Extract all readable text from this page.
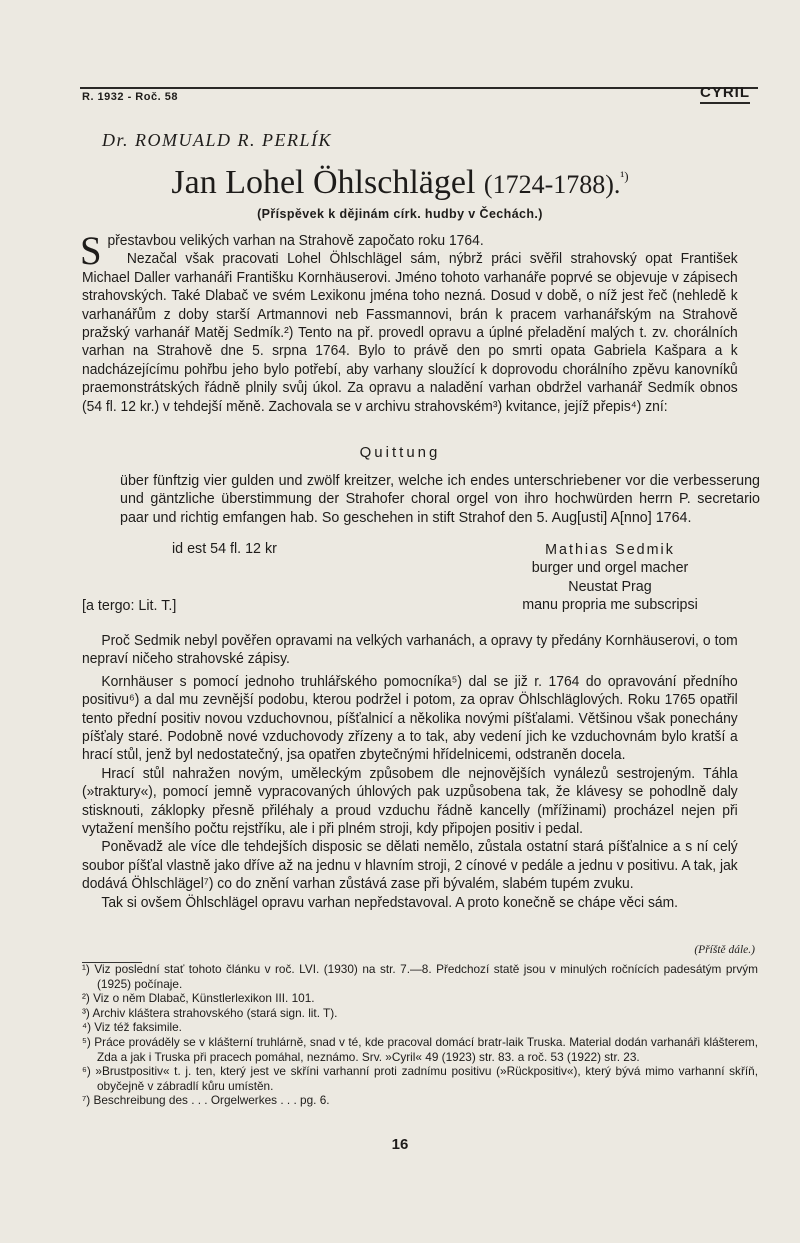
R. 1932 - Roč. 58	CYRIL
Dr. ROMUALD R. PERLÍK
Jan Lohel Öhlschlägel (1724-1788).$^{^1)}$
(Příspěvek k dějinám círk. hudby v Čechách.)

S přestavbou velikých varhan na Strahově započato roku 1764.

Nezačal však pracovati Lohel Öhlschlägel sám, nýbrž práci svěřil strahovský opat František Michael Daller varhanáři Františku Kornhäuserovi. Jméno tohoto varhanáře poprvé se objevuje v zápisech strahovských. Také Dlabač ve svém Lexikonu jména toho nezná. Dosud v době, o níž jest řeč (nehledě k varhanářům z doby starší Artmannovi neb Fassmannovi, brán k pracem varhanářským na Strahově pražský varhanář Matěj Sedmík.²) Tento na př. provedl opravu a úplné přeladění malých t. zv. chorálních varhan na Strahově dne 5. srpna 1764. Bylo to právě den po smrti opata Gabriela Kašpara a k nadcházejícímu pohřbu jeho bylo potřebí, aby varhany sloužící k doprovodu chorálního zpěvu kanovníků praemonstrátských řádně plnily svůj úkol. Za opravu a naladění varhan obdržel varhanář Sedmík obnos (54 fl. 12 kr.) v tehdejší měně. Zachovala se v archivu strahovském³) kvitance, jejíž přepis⁴) zní:

Quittung

über fünftzig vier gulden und zwölf kreitzer, welche ich endes unterschriebener vor die verbesserung und gäntzliche überstimmung der Strahofer choral orgel von ihro hochwürden herrn P. secretario paar und richtig emfangen hab. So geschehen in stift Strahof den 5. Aug[usti] A[nno] 1764.

id est 54 fl. 12 kr	Mathias Sedmik
burger und orgel macher
Neustat Prag
manu propria me subscripsi
[a tergo: Lit. T.]

Proč Sedmik nebyl pověřen opravami na velkých varhanách, a opravy ty předány Kornhäuserovi, o tom nepraví ničeho strahovské zápisy.

Kornhäuser s pomocí jednoho truhlářského pomocníka⁵) dal se již r. 1764 do opravování předního positivu⁶) a dal mu zevnější podobu, kterou podržel i potom, za oprav Öhlschläglových. Roku 1765 opatřil tento přední positiv novou vzduchovnou, píšťalnicí a několika novými píšťalami. Většinou však ponechány píšťaly staré. Podobně nové vzduchovody zřízeny a to tak, aby vedení jich ke vzduchovnám bylo kratší a hrací stůl, jenž byl nedostatečný, jsa opatřen zbytečnými hřídelnicemi, odstraněn docela.

Hrací stůl nahražen novým, uměleckým způsobem dle nejnovějších vynálezů sestrojeným. Táhla (»traktury«), pomocí jemně vypracovaných úhlových pak uzpůsobena tak, že klávesy se pohodlně daly stisknouti, záklopky přesně přiléhaly a proud vzduchu řádně kancelly (mřížinami) procházel nejen při vytažení menšího počtu rejstříku, ale i při plném stroji, kdy připojen positiv i pedal.

Poněvadž ale více dle tehdejších disposic se dělati nemělo, zůstala ostatní stará píšťalnice a s ní celý soubor píšťal vlastně jako dříve až na jednu v hlavním stroji, 2 cínové v pedále a jednu v positivu. A tak, jak dodává Öhlschlägel⁷) co do znění varhan zůstává zase při bývalém, slabém tupém zvuku.

Tak si ovšem Öhlschlägel opravu varhan nepředstavoval. A proto konečně se chápe věci sám.

(Příště dále.)
¹) Viz poslední stať tohoto článku v roč. LVI. (1930) na str. 7.—8. Předchozí statě jsou v minulých ročnících padesátým prvým (1925) počínaje.
²) Viz o něm Dlabač, Künstlerlexikon III. 101.
³) Archiv kláštera strahovského (stará sign. lit. T).
⁴) Viz též faksimile.
⁵) Práce prováděly se v klášterní truhlárně, snad v té, kde pracoval domácí bratr-laik Truska. Material dodán varhanáři klášterem, Zda a jak i Truska při pracech pomáhal, neznámo. Srv. »Cyril« 49 (1923) str. 83. a roč. 53 (1922) str. 23.
⁶) »Brustpositiv« t. j. ten, který jest ve skříni varhanní proti zadnímu positivu (»Rückpositiv«), který bývá mimo varhanní skříň, obyčejně v zábradlí kůru umístěn.
⁷) Beschreibung des . . . Orgelwerkes . . . pg. 6.
16
